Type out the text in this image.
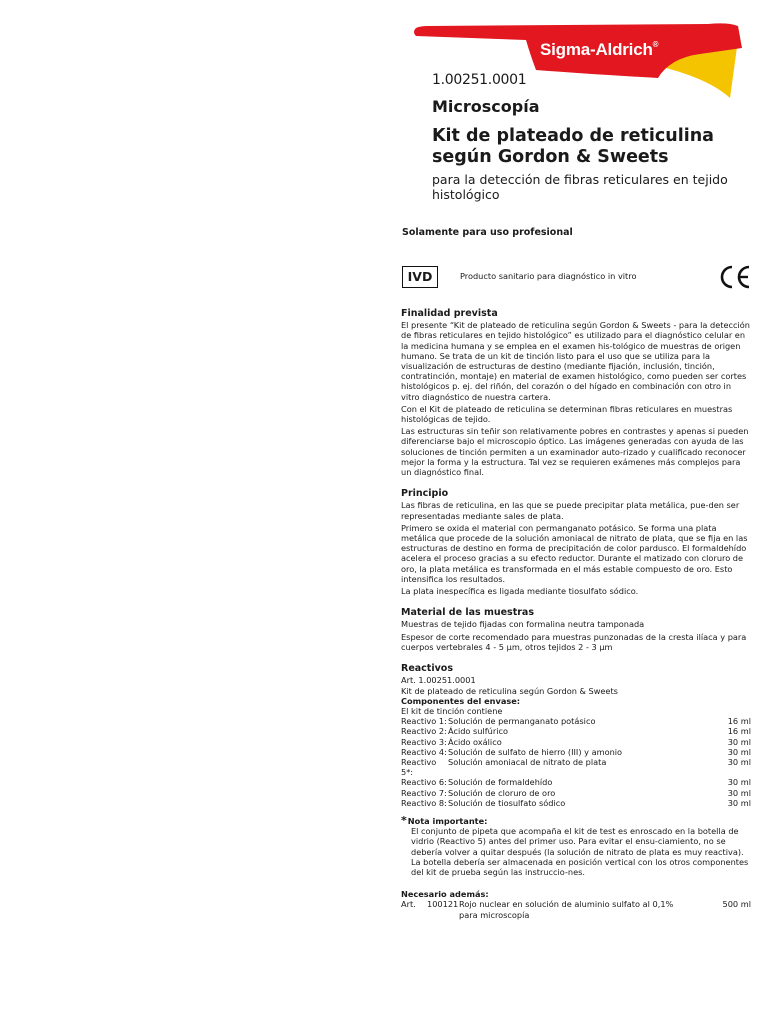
Sigma-Aldrich®
1.00251.0001
Microscopía
Kit de plateado de reticulina
según Gordon & Sweets
para la detección de fibras reticulares en tejido
histológico
Solamente para uso profesional
IVD	Producto sanitario para diagnóstico in vitro
Finalidad prevista

El presente “Kit de plateado de reticulina según Gordon & Sweets - para la detección de fibras reticulares en tejido histológico” es utilizado para el diagnóstico celular en la medicina humana y se emplea en el examen his-tológico de muestras de origen humano. Se trata de un kit de tinción listo para el uso que se utiliza para la visualización de estructuras de destino (mediante fijación, inclusión, tinción, contratinción, montaje) en material de examen histológico, como pueden ser cortes histológicos p. ej. del riñón, del corazón o del hígado en combinación con otro in vitro diagnóstico de nuestra cartera.

Con el Kit de plateado de reticulina se determinan fibras reticulares en muestras histológicas de tejido.

Las estructuras sin teñir son relativamente pobres en contrastes y apenas si pueden diferenciarse bajo el microscopio óptico. Las imágenes generadas con ayuda de las soluciones de tinción permiten a un examinador auto-rizado y cualificado reconocer mejor la forma y la estructura. Tal vez se requieren exámenes más complejos para un diagnóstico final.

Principio

Las fibras de reticulina, en las que se puede precipitar plata metálica, pue-den ser representadas mediante sales de plata.

Primero se oxida el material con permanganato potásico. Se forma una plata metálica que procede de la solución amoniacal de nitrato de plata, que se fija en las estructuras de destino en forma de precipitación de color pardusco. El formaldehído acelera el proceso gracias a su efecto reductor. Durante el matizado con cloruro de oro, la plata metálica es transformada en el más estable compuesto de oro. Esto intensifica los resultados.

La plata inespecífica es ligada mediante tiosulfato sódico.

Material de las muestras

Muestras de tejido fijadas con formalina neutra tamponada

Espesor de corte recomendado para muestras punzonadas de la cresta ilíaca y para cuerpos vertebrales 4 - 5 µm, otros tejidos 2 - 3 µm

Reactivos
Art. 1.00251.0001
Kit de plateado de reticulina según Gordon & Sweets
Componentes del envase:
El kit de tinción contiene
Reactivo 1: Solución de permanganato potásico	16 ml
Reactivo 2: Ácido sulfúrico	16 ml
Reactivo 3: Ácido oxálico	30 ml
Reactivo 4: Solución de sulfato de hierro (III) y amonio	30 ml
Reactivo 5*:
Solución amoniacal de nitrato de plata	30 ml
Reactivo 6: Solución de formaldehído	30 ml
Reactivo 7: Solución de cloruro de oro	30 ml
Reactivo 8: Solución de tiosulfato sódico	30 ml
* Nota importante:
El conjunto de pipeta que acompaña el kit de test es enroscado en la botella de vidrio (Reactivo 5) antes del primer uso. Para evitar el ensu-ciamiento, no se debería volver a quitar después (la solución de nitrato de plata es muy reactiva). La botella debería ser almacenada en posición vertical con los otros componentes del kit de prueba según las instruccio-nes.
Necesario además:
Art.	100121 Rojo nuclear en solución de aluminio sulfato al 0,1%	500 ml
para microscopía
